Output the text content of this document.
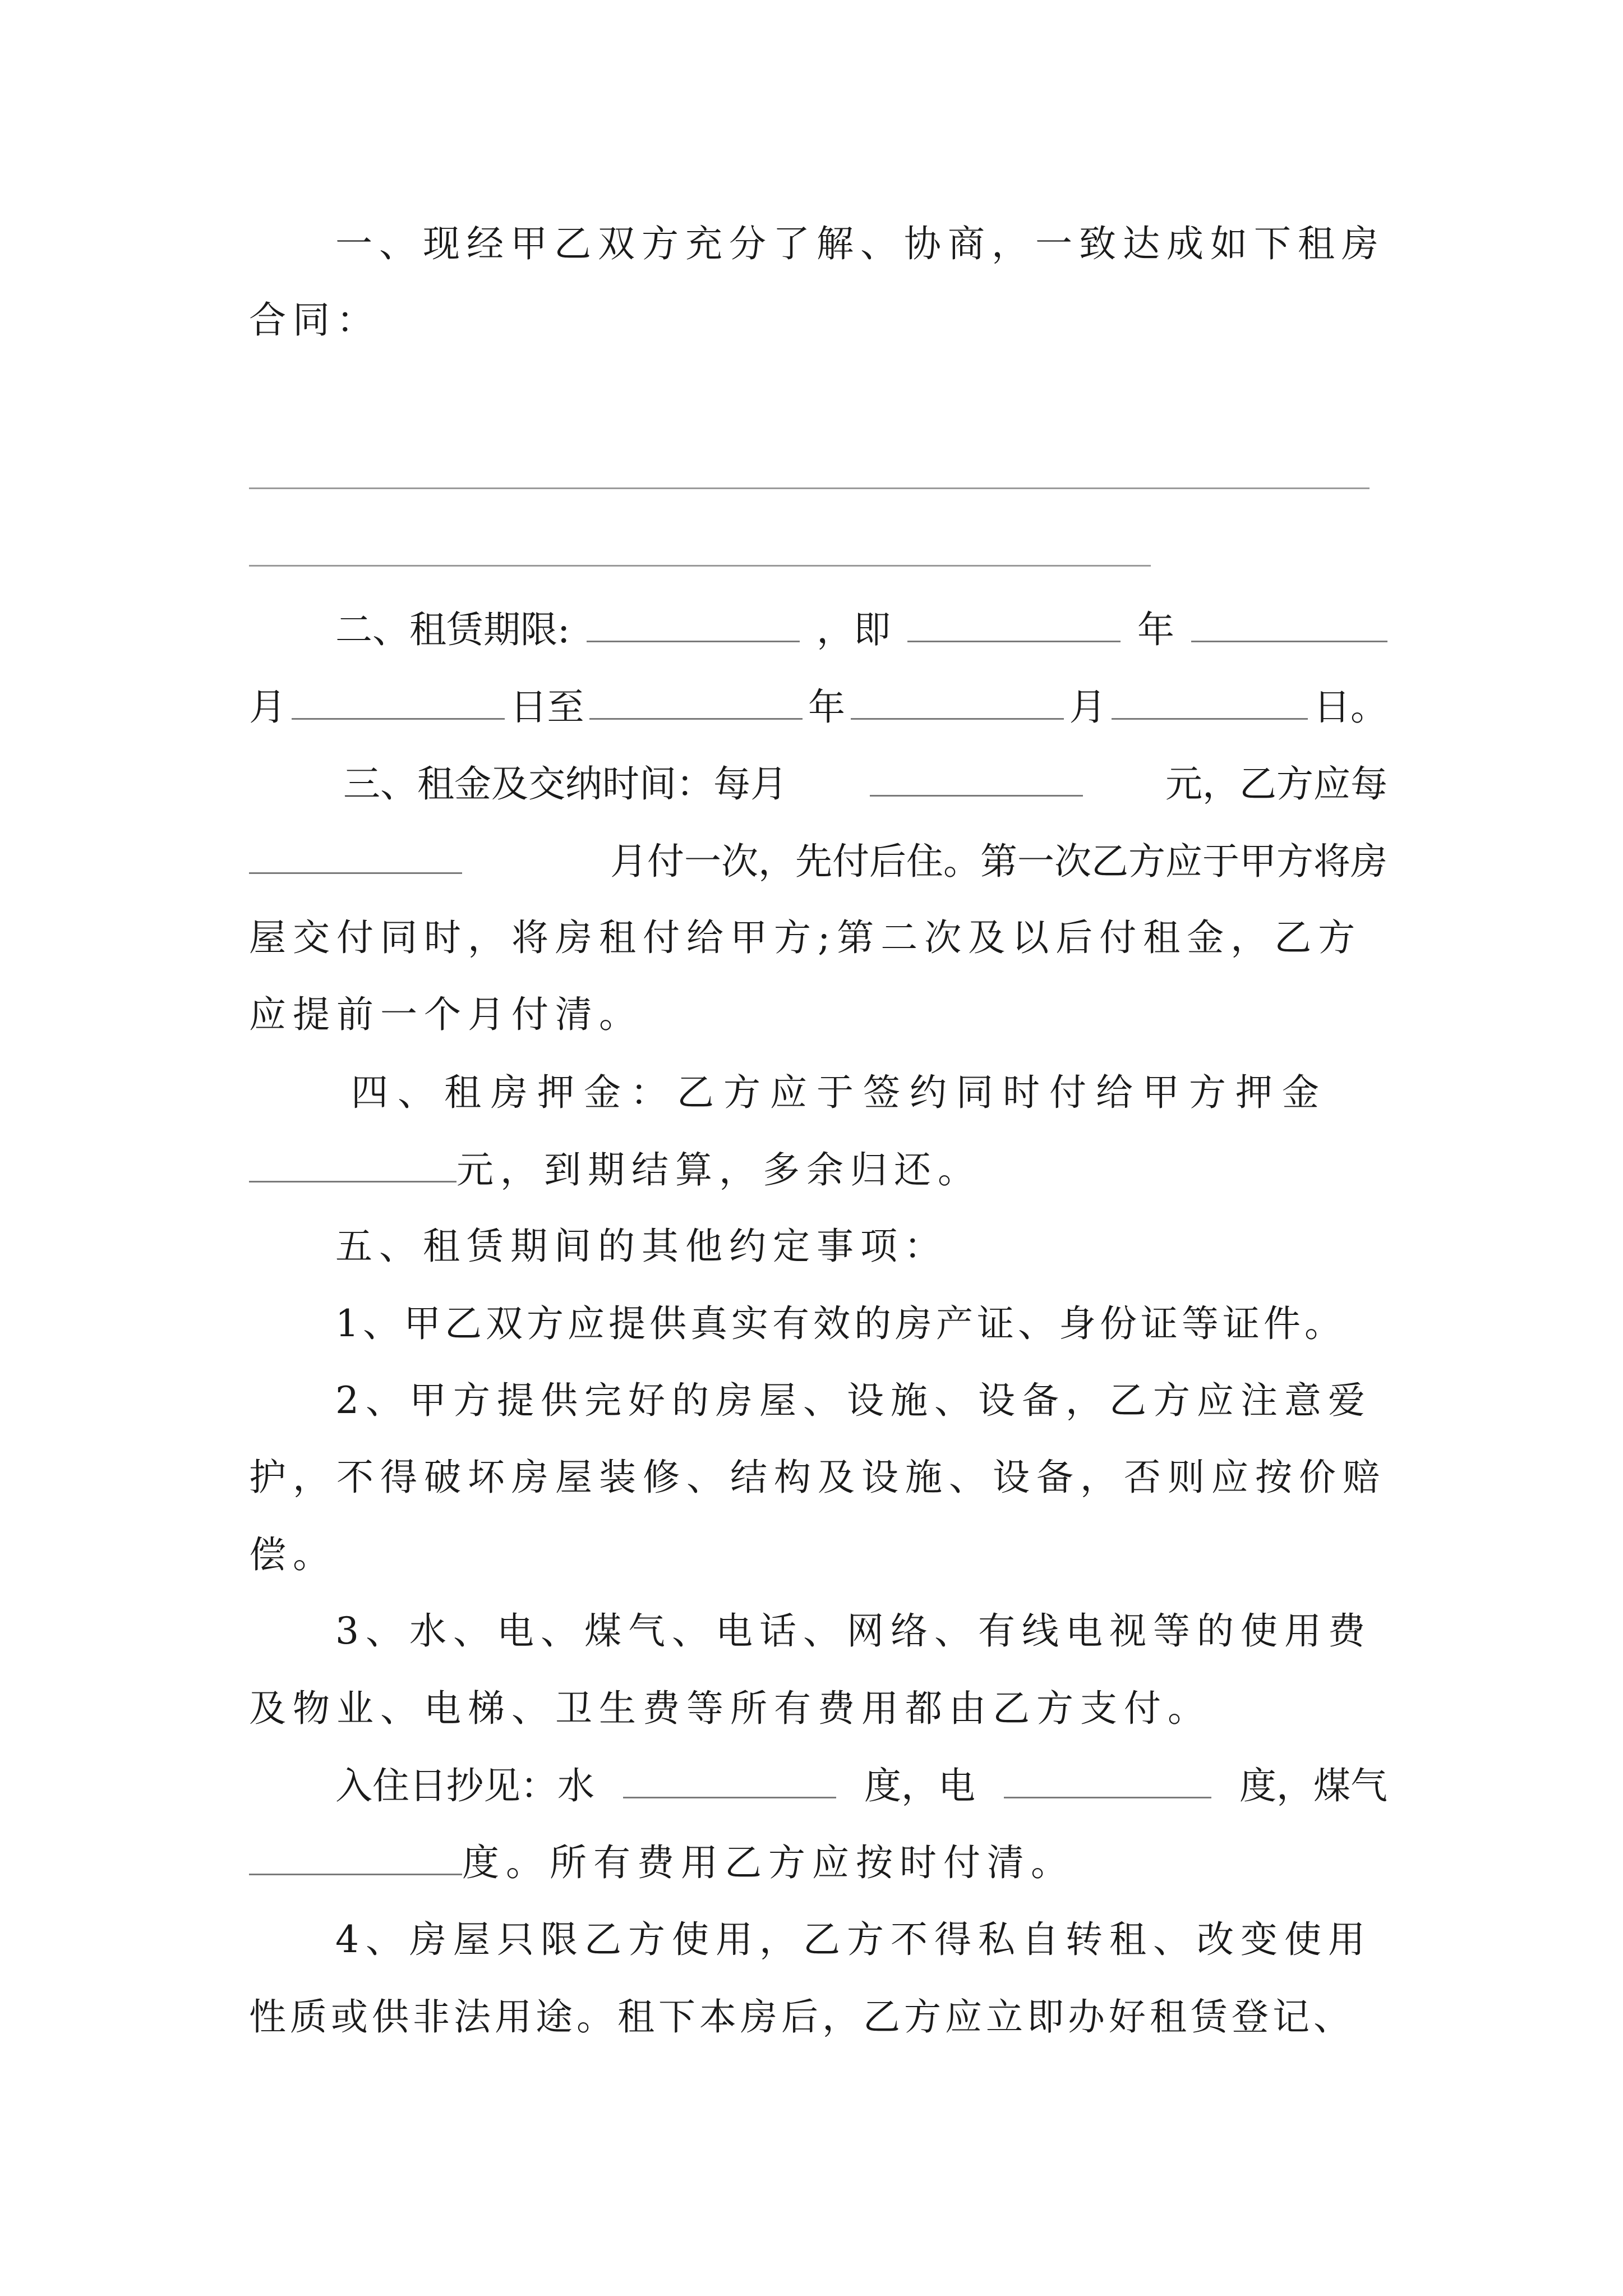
一、现经甲乙双方充分了解、协商，一致达成如下租房
合同：
二、租赁期限:	，即	年
月	日至	年	月	日。
三、租金及交纳时间：每月	元，乙方应每
月付一次，先付后住。第一次乙方应于甲方将房
屋交付同时，将房租付给甲方;第二次及以后付租金，乙方
应提前一个月付清。
四、租房押金：乙方应于签约同时付给甲方押金
元，到期结算，多余归还。
五、租赁期间的其他约定事项：
1、甲乙双方应提供真实有效的房产证、身份证等证件。
2、甲方提供完好的房屋、设施、设备，乙方应注意爱
护，不得破坏房屋装修、结构及设施、设备，否则应按价赔
偿。
3、水、电、煤气、电话、网络、有线电视等的使用费
及物业、电梯、卫生费等所有费用都由乙方支付。
入住日抄见：水	度，电	度，煤气
度。所有费用乙方应按时付清。
4、房屋只限乙方使用，乙方不得私自转租、改变使用
性质或供非法用途。租下本房后，乙方应立即办好租赁登记、
